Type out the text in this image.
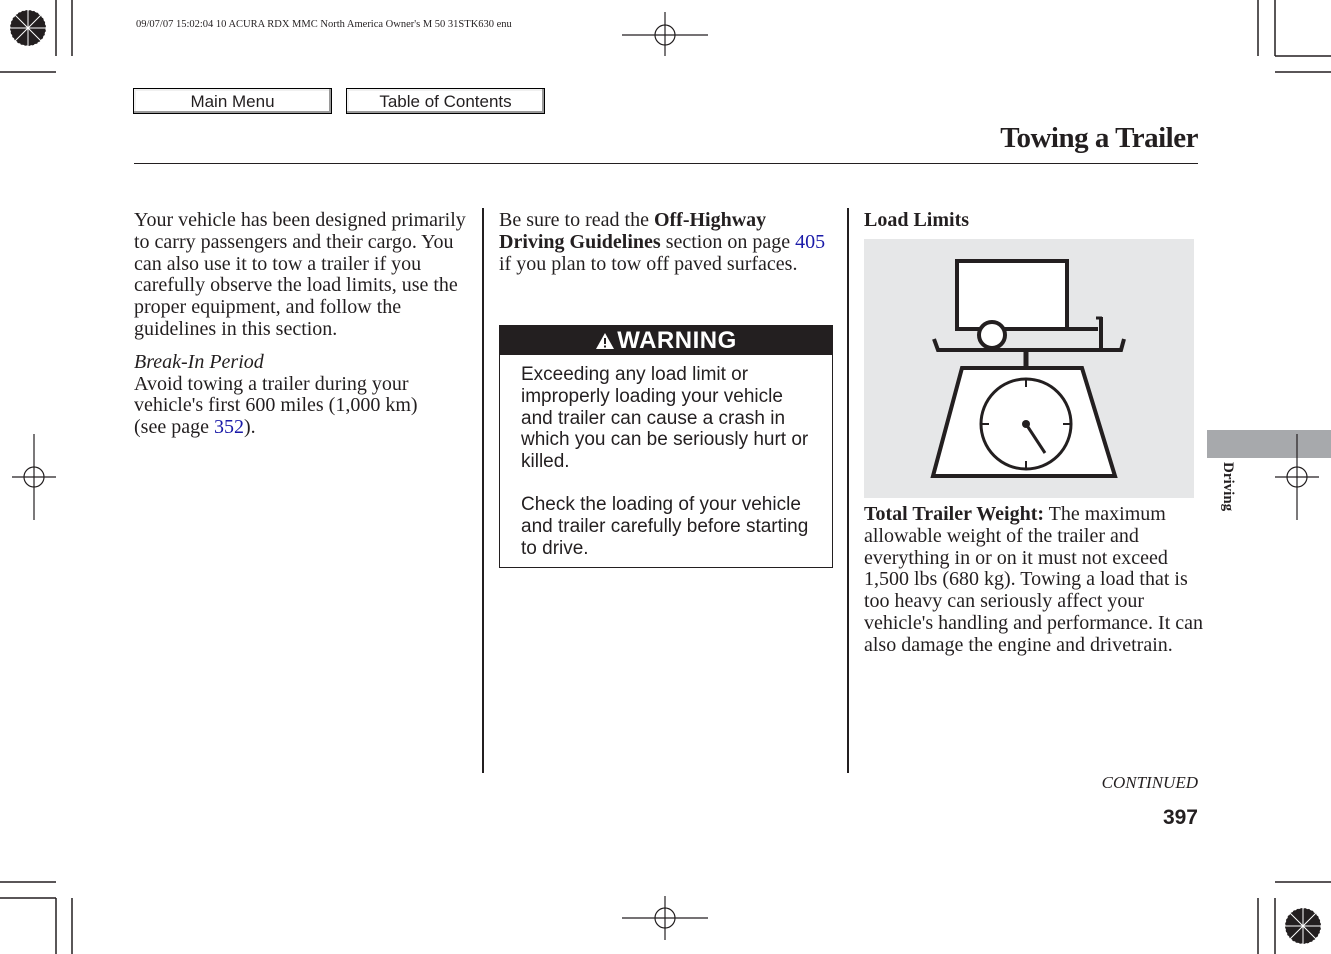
09/07/07 15:02:04 10 ACURA RDX MMC North America Owner's M 50 31STK630 enu
Main Menu	Table of Contents
Towing a Trailer

Your vehicle has been designed primarily to carry passengers and their cargo. You can also use it to tow a trailer if you carefully observe the load limits, use the proper equipment, and follow the guidelines in this section.

Break-In Period

Avoid towing a trailer during your vehicle's first 600 miles (1,000 km)
(see page 352).

Be sure to read the Off-Highway Driving Guidelines section on page 405 if you plan to tow off paved surfaces.

WARNING

Exceeding any load limit or improperly loading your vehicle and trailer can cause a crash in which you can be seriously hurt or killed.

Check the loading of your vehicle and trailer carefully before starting to drive.

Load Limits

Total Trailer Weight: The maximum allowable weight of the trailer and everything in or on it must not exceed 1,500 lbs (680 kg). Towing a load that is too heavy can seriously affect your vehicle's handling and performance. It can also damage the engine and drivetrain.

Driving
CONTINUED
397
